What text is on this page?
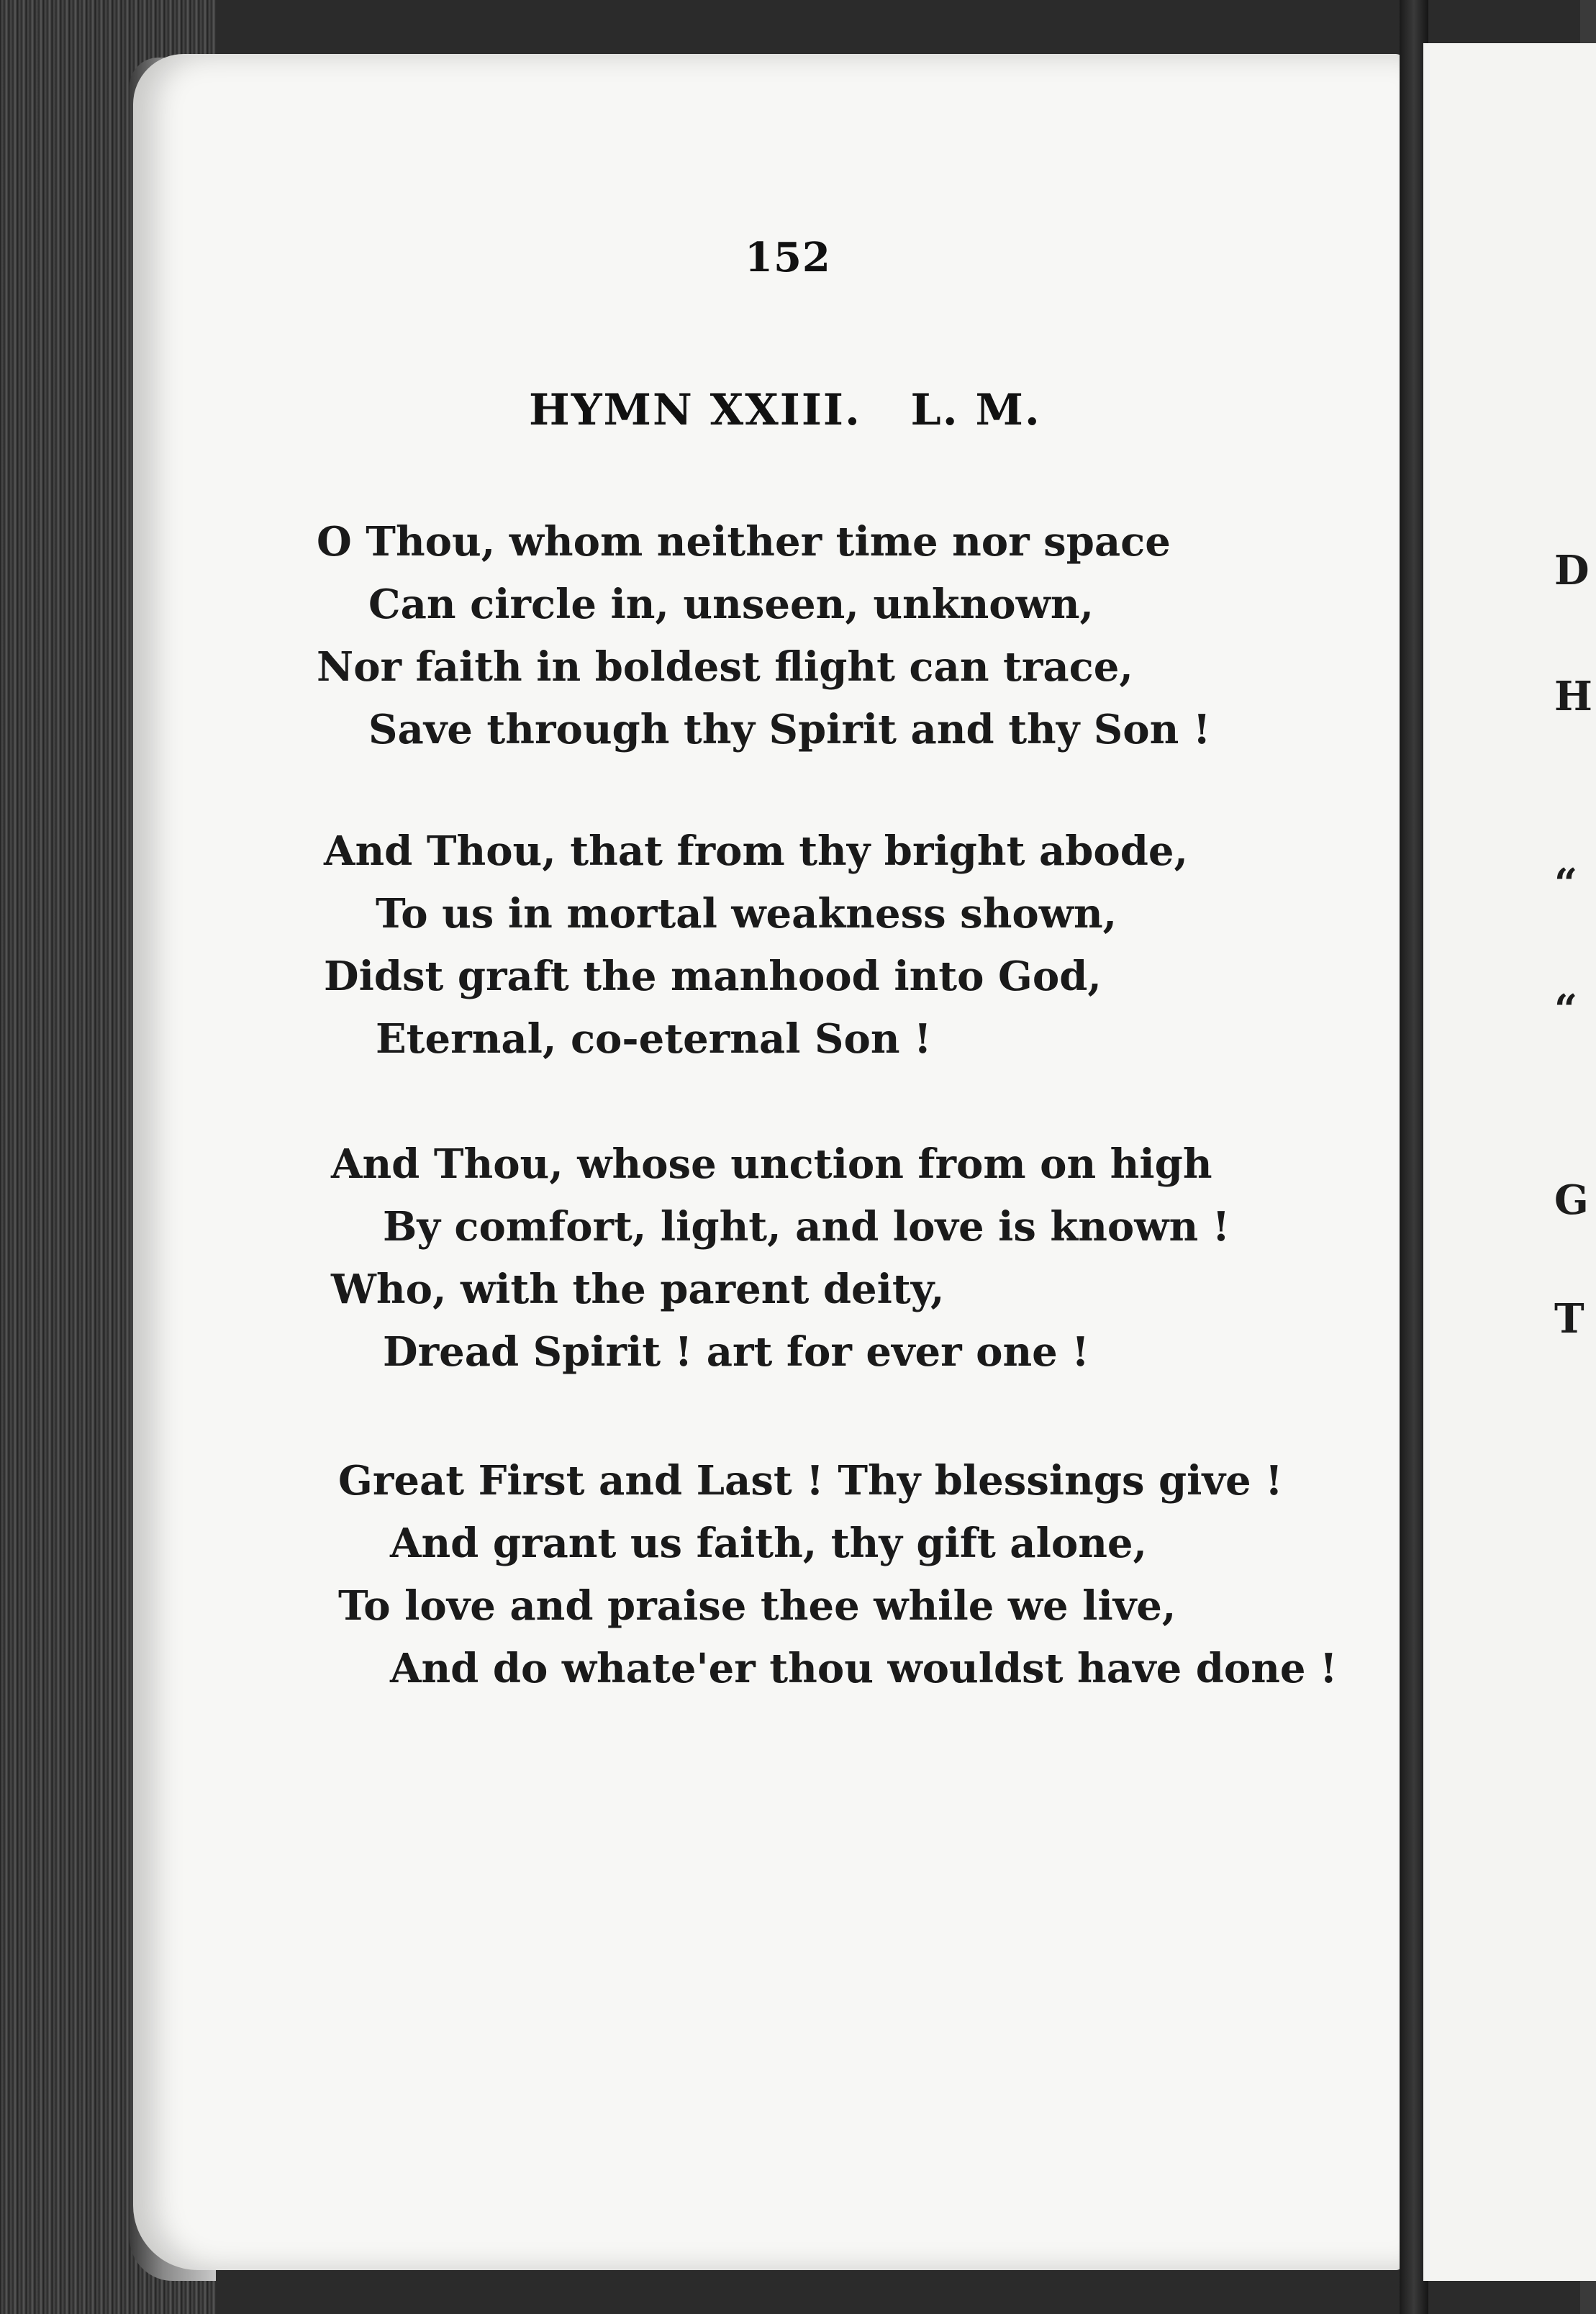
D
H
“
“
G
T
152
HYMN XXIII.   L. M.
O Thou, whom neither time nor space
Can circle in, unseen, unknown,
Nor faith in boldest flight can trace,
Save through thy Spirit and thy Son !
And Thou, that from thy bright abode,
To us in mortal weakness shown,
Didst graft the manhood into God,
Eternal, co-eternal Son !
And Thou, whose unction from on high
By comfort, light, and love is known !
Who, with the parent deity,
Dread Spirit ! art for ever one !
Great First and Last ! Thy blessings give !
And grant us faith, thy gift alone,
To love and praise thee while we live,
And do whate'er thou wouldst have done !
